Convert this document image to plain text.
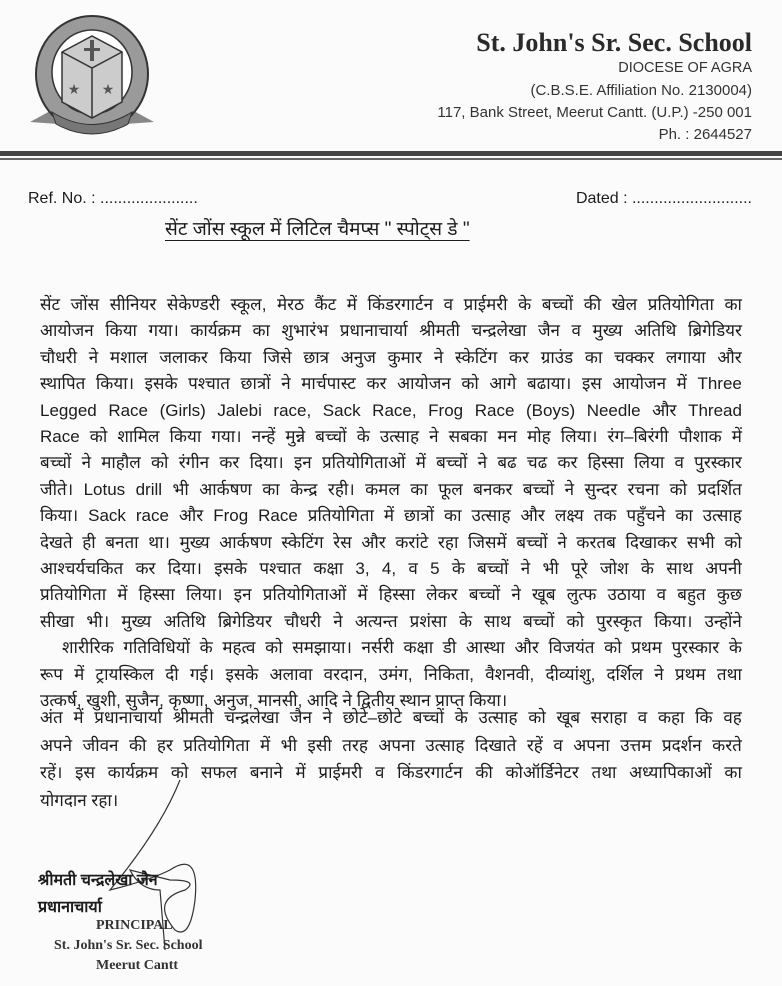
★ ★
St. John's Sr. Sec. School
DIOCESE OF AGRA
(C.B.S.E. Affiliation No. 2130004)
117, Bank Street, Meerut Cantt. (U.P.) -250 001
Ph. : 2644527
Ref. No. : ......................	Dated : ...........................
सेंट जोंस स्कूल में लिटिल चैमप्स " स्पोट्स डे "
सेंट जोंस सीनियर सेकेण्डरी स्कूल, मेरठ कैंट में किंडरगार्टन व प्राईमरी के बच्चों की खेल प्रतियोगिता का
आयोजन किया गया। कार्यक्रम का शुभारंभ प्रधानाचार्या श्रीमती चन्द्रलेखा जैन व मुख्य अतिथि ब्रिगेडियर
चौधरी ने मशाल जलाकर किया जिसे छात्र अनुज कुमार ने स्केटिंग कर ग्राउंड का चक्कर लगाया और
स्थापित किया। इसके पश्चात छात्रों ने मार्चपास्ट कर आयोजन को आगे बढाया। इस आयोजन में Three
Legged Race (Girls) Jalebi race, Sack Race, Frog Race (Boys) Needle और Thread
Race को शामिल किया गया। नन्हें मुन्ने बच्चों के उत्साह ने सबका मन मोह लिया। रंग–बिरंगी पौशाक में
बच्चों ने माहौल को रंगीन कर दिया। इन प्रतियोगिताओं में बच्चों ने बढ चढ कर हिस्सा लिया व पुरस्कार
जीते। Lotus drill भी आर्कषण का केन्द्र रही। कमल का फूल बनकर बच्चों ने सुन्दर रचना को प्रदर्शित
किया। Sack race और Frog Race प्रतियोगिता में छात्रों का उत्साह और लक्ष्य तक पहुँचने का उत्साह
देखते ही बनता था। मुख्य आर्कषण स्केटिंग रेस और करांटे रहा जिसमें बच्चों ने करतब दिखाकर सभी को
आश्चर्यचकित कर दिया। इसके पश्चात कक्षा 3, 4, व 5 के बच्चों ने भी पूरे जोश के साथ अपनी
प्रतियोगिता में हिस्सा लिया। इन प्रतियोगिताओं में हिस्सा लेकर बच्चों ने खूब लुत्फ उठाया व बहुत कुछ
सीखा भी। मुख्य अतिथि ब्रिगेडियर चौधरी ने अत्यन्त प्रशंसा के साथ बच्चों को पुरस्कृत किया। उन्होंने
शारीरिक गतिविधियों के महत्व को समझाया। नर्सरी कक्षा डी आस्था और विजयंत को प्रथम पुरस्कार के
रूप में ट्रायस्किल दी गई। इसके अलावा वरदान, उमंग, निकिता, वैशनवी, दीव्यांशु, दर्शिल ने प्रथम तथा
उत्कर्ष, खुशी, सुजैन, कृष्णा, अनुज, मानसी, आदि ने द्वितीय स्थान प्राप्त किया।
अंत में प्रधानाचार्या श्रीमती चन्द्रलेखा जैन ने छोटे–छोटे बच्चों के उत्साह को खूब सराहा व कहा कि वह
अपने जीवन की हर प्रतियोगिता में भी इसी तरह अपना उत्साह दिखाते रहें व अपना उत्तम प्रदर्शन करते
रहें। इस कार्यक्रम को सफल बनाने में प्राईमरी व किंडरगार्टन की कोऑर्डिनेटर तथा अध्यापिकाओं का
योगदान रहा।
श्रीमती चन्द्रलेखा जैन
प्रधानाचार्या
PRINCIPAL
St. John's Sr. Sec. School
Meerut Cantt
